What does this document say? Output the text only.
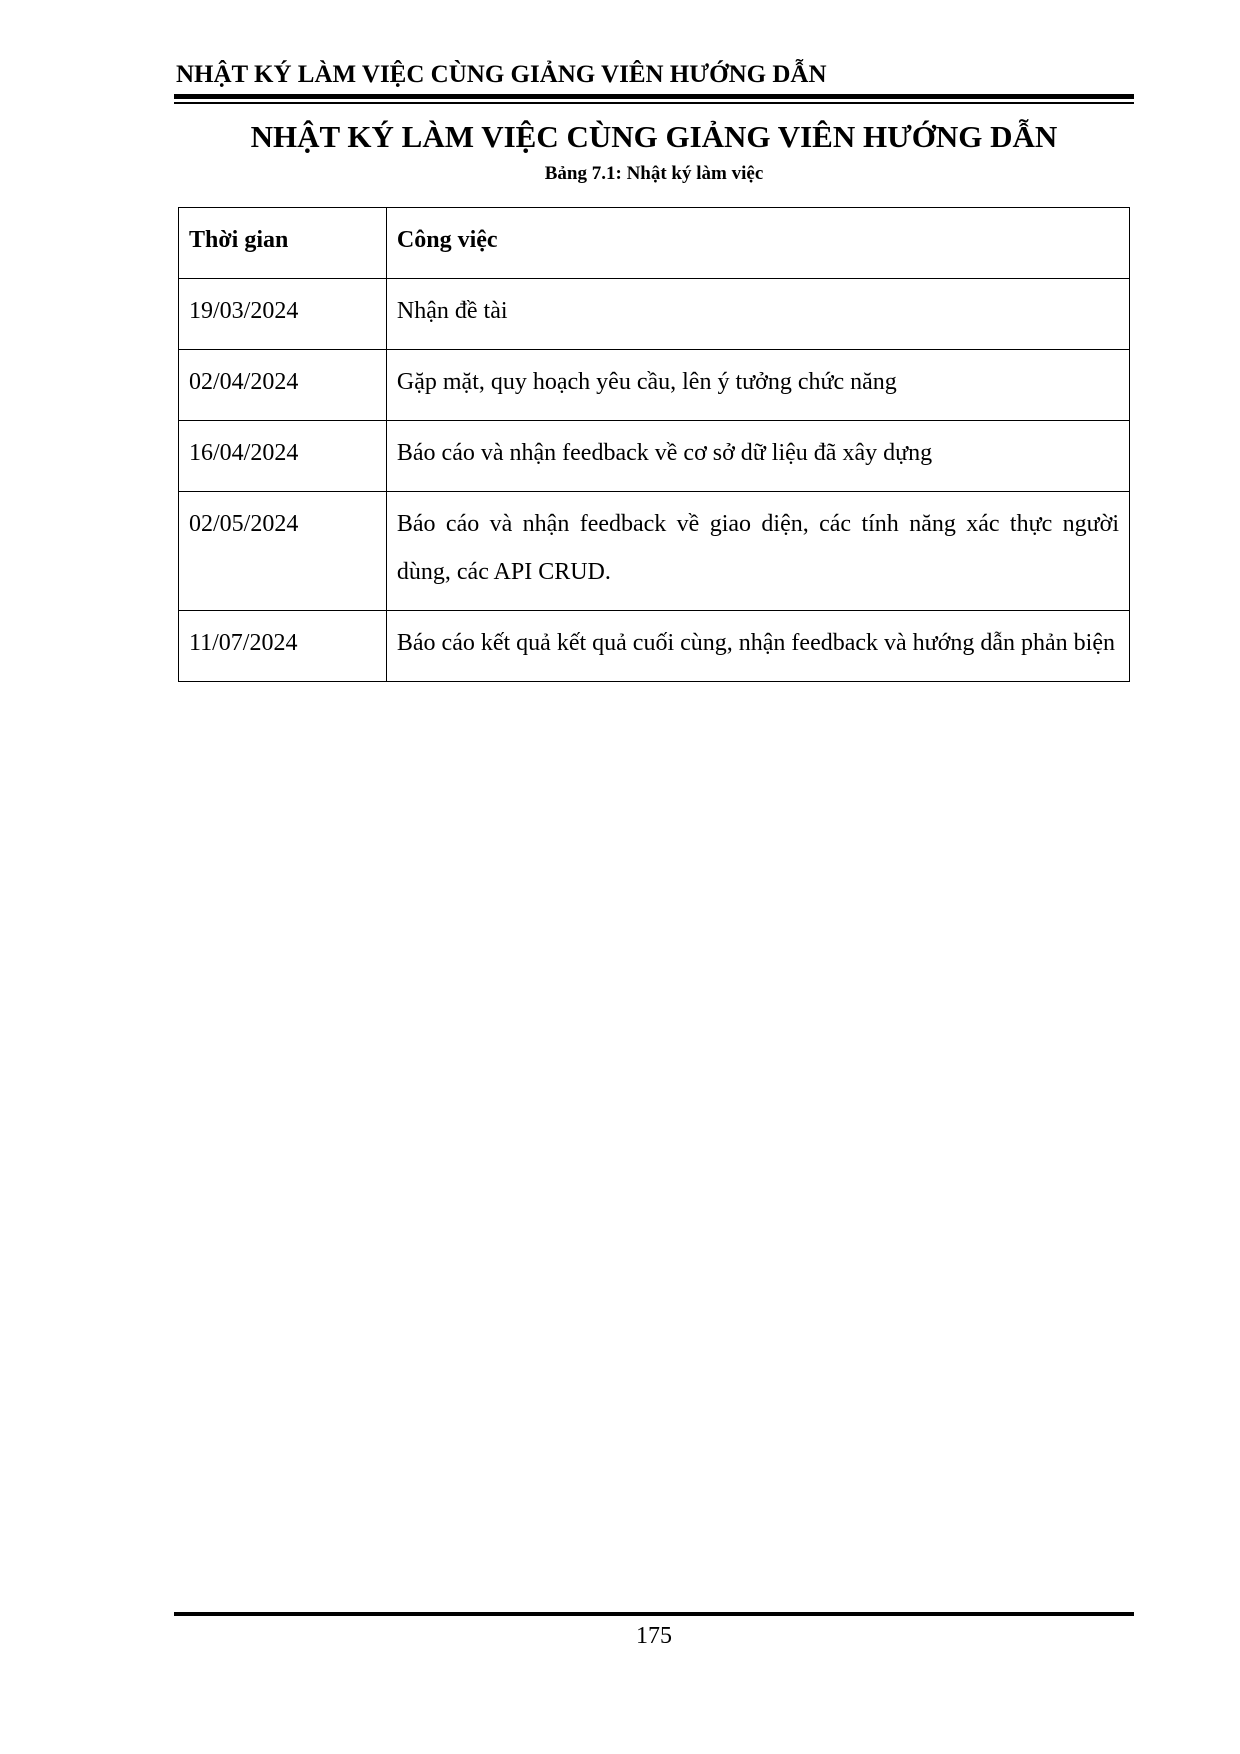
NHẬT KÝ LÀM VIỆC CÙNG GIẢNG VIÊN HƯỚNG DẪN
NHẬT KÝ LÀM VIỆC CÙNG GIẢNG VIÊN HƯỚNG DẪN
Bảng 7.1: Nhật ký làm việc
Thời gian	Công việc
19/03/2024	Nhận đề tài
02/04/2024	Gặp mặt, quy hoạch yêu cầu, lên ý tưởng chức năng
16/04/2024	Báo cáo và nhận feedback về cơ sở dữ liệu đã xây dựng
02/05/2024	Báo cáo và nhận feedback về giao diện, các tính năng xác thực người dùng, các API CRUD.
11/07/2024	Báo cáo kết quả kết quả cuối cùng, nhận feedback và hướng dẫn phản biện
175
